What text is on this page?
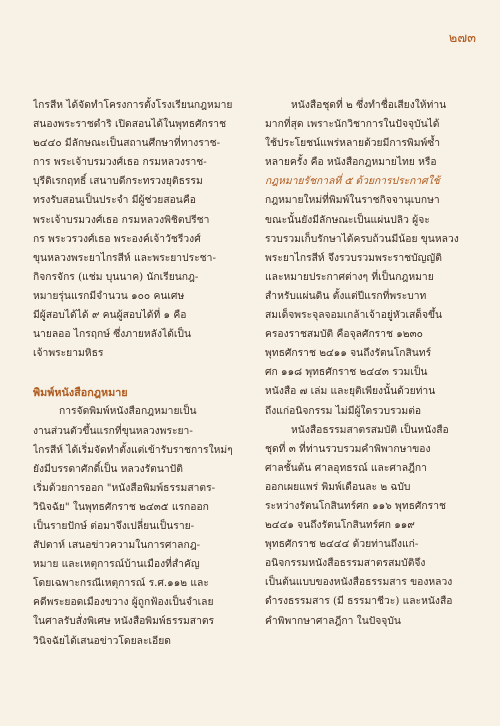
๒๗๓
ไกรสีห ได้จัดทำโครงการตั้งโรงเรียนกฎหมาย
สนองพระราชดำริ เปิดสอนได้ในพุทธศักราช
๒๔๔๐ มีลักษณะเป็นสถานศึกษาที่ทางราช-
การ พระเจ้าบรมวงศ์เธอ กรมหลวงราช-
บุรีดิเรกฤทธิ์ เสนาบดีกระทรวงยุติธรรม
ทรงรับสอนเป็นประจำ มีผู้ช่วยสอนคือ
พระเจ้าบรมวงศ์เธอ กรมหลวงพิชิตปรีชา
กร พระวรวงศ์เธอ พระองค์เจ้าวัชรีวงศ์
ขุนหลวงพระยาไกรสีห์ และพระยาประชา-
กิจกรจักร (แช่ม บุนนาค) นักเรียนกฎ-
หมายรุ่นแรกมีจำนวน ๑๐๐ คนเศษ
มีผู้สอบได้ได้ ๙ คนผู้สอบได้ที่ ๑ คือ
นายลออ ไกรฤกษ์ ซึ่งภายหลังได้เป็น
เจ้าพระยามหิธร
พิมพ์หนังสือกฎหมาย
การจัดพิมพ์หนังสือกฎหมายเป็น
งานส่วนตัวขึ้นแรกที่ขุนหลวงพระยา-
ไกรสีห์ ได้เริ่มจัดทำตั้งแต่เข้ารับราชการใหม่ๆ
ยังมีบรรดาศักดิ์เป็น หลวงรัตนาปัติ
เริ่มด้วยการออก "หนังสือพิมพ์ธรรมสาตร-
วินิจฉัย" ในพุทธศักราช ๒๔๓๕ แรกออก
เป็นรายปักษ์ ต่อมาจึงเปลี่ยนเป็นราย-
สัปดาห์ เสนอข่าวความในการศาลกฎ-
หมาย และเหตุการณ์บ้านเมืองที่สำคัญ
โดยเฉพาะกรณีเหตุการณ์ ร.ศ.๑๑๒ และ
คดีพระยอดเมืองขวาง ผู้ถูกฟ้องเป็นจำเลย
ในศาลรับสั่งพิเศษ หนังสือพิมพ์ธรรมสาตร
วินิจฉัยได้เสนอข่าวโดยละเอียด
หนังสือชุดที่ ๒ ซึ่งทำชื่อเสียงให้ท่าน
มากที่สุด เพราะนักวิชาการในปัจจุบันได้
ใช้ประโยชน์แพร่หลายด้วยมีการพิมพ์ซ้ำ
หลายครั้ง คือ หนังสือกฎหมายไทย หรือ
กฎหมายรัชกาลที่ ๕ ด้วยการประกาศใช้
กฎหมายใหม่ที่พิมพ์ในราชกิจจานุเบกษา
ขณะนั้นยังมีลักษณะเป็นแผ่นปลิว ผู้จะ
รวบรวมเก็บรักษาได้ครบถ้วนมีน้อย ขุนหลวง
พระยาไกรสีห์ จึงรวบรวมพระราชบัญญัติ
และหมายประกาศต่างๆ ที่เป็นกฎหมาย
สำหรับแผ่นดิน ตั้งแต่ปีแรกที่พระบาท
สมเด็จพระจุลจอมเกล้าเจ้าอยู่หัวเสด็จขึ้น
ครองราชสมบัติ คือจุลศักราช ๑๒๓๐
พุทธศักราช ๒๔๑๑ จนถึงรัตนโกสินทร์
ศก ๑๑๘ พุทธศักราช ๒๔๔๓ รวมเป็น
หนังสือ ๗ เล่ม และยุติเพียงนั้นด้วยท่าน
ถึงแก่อนิจกรรม ไม่มีผู้ใดรวบรวมต่อ
หนังสือธรรมสาตรสมบัติ เป็นหนังสือ
ชุดที่ ๓ ที่ท่านรวบรวมคำพิพากษาของ
ศาลชั้นต้น ศาลอุทธรณ์ และศาลฎีกา
ออกเผยแพร่ พิมพ์เดือนละ ๒ ฉบับ
ระหว่างรัตนโกสินทร์ศก ๑๑๖ พุทธศักราช
๒๔๔๑ จนถึงรัตนโกสินทร์ศก ๑๑๙
พุทธศักราช ๒๔๔๔ ด้วยท่านถึงแก่-
อนิจกรรมหนังสือธรรมสาตรสมบัติจึง
เป็นต้นแบบของหนังสือธรรมสาร ของหลวง
ดำรงธรรมสาร (มี ธรรมาชีวะ) และหนังสือ
คำพิพากษาศาลฎีกา ในปัจจุบัน
